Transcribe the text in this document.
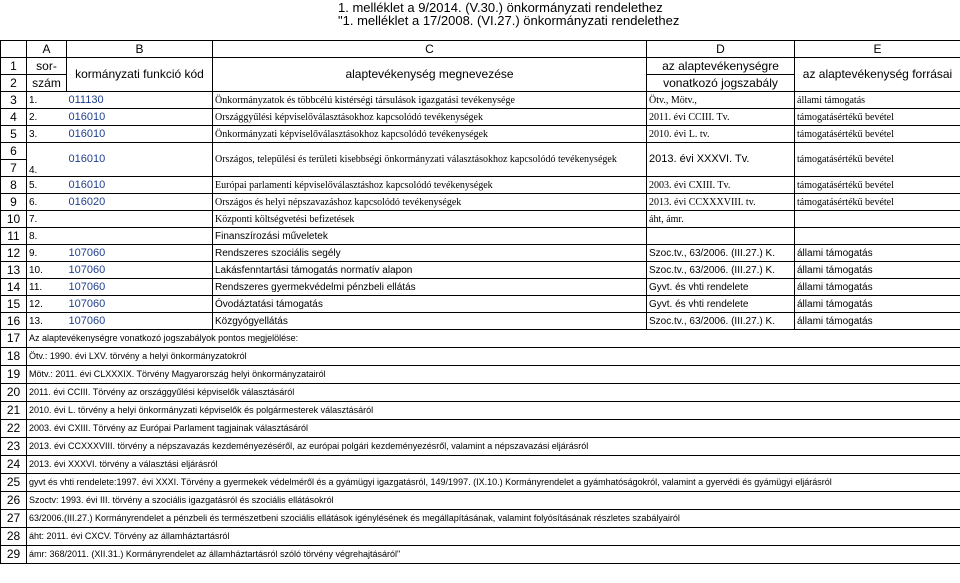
1. melléklet a 9/2014. (V.30.) önkormányzati rendelethez
"1. melléklet a 17/2008. (VI.27.) önkormányzati rendelethez
	A	B	C	D	E
1	sor-	kormányzati funkció kód	alaptevékenység megnevezése	az alaptevékenységre	az alaptevékenység forrásai
2	szám			vonatkozó jogszabály	
3	1.	011130	Önkormányzatok és többcélú kistérségi társulások igazgatási tevékenysége	Ötv., Mötv.,	állami támogatás
4	2.	016010	Országgyűlési képviselőválasztásokhoz kapcsolódó tevékenységek	2011. évi CCIII. Tv.	támogatásértékű bevétel
5	3.	016010	Önkormányzati képviselőválasztásokhoz kapcsolódó tevékenységek	2010. évi L. tv.	támogatásértékű bevétel
6	4.	016010	Országos, települési és területi kisebbségi önkormányzati választásokhoz kapcsolódó tevékenységek	2013. évi XXXVI. Tv.	támogatásértékű bevétel
7					
8	5.	016010	Európai parlamenti képviselőválasztáshoz kapcsolódó tevékenységek	2003. évi CXIII. Tv.	támogatásértékű bevétel
9	6.	016020	Országos és helyi népszavazáshoz kapcsolódó tevékenységek	2013. évi CCXXXVIII. tv.	támogatásértékű bevétel
10	7.		Központi költségvetési befizetések	áht, ámr.	
11	8.		Finanszírozási műveletek		
12	9.	107060	Rendszeres szociális segély	Szoc.tv., 63/2006. (III.27.) K.	állami támogatás
13	10.	107060	Lakásfenntartási támogatás normatív alapon	Szoc.tv., 63/2006. (III.27.) K.	állami támogatás
14	11.	107060	Rendszeres gyermekvédelmi pénzbeli ellátás	Gyvt. és vhti rendelete	állami támogatás
15	12.	107060	Óvodáztatási támogatás	Gyvt. és vhti rendelete	állami támogatás
16	13.	107060	Közgyógyellátás	Szoc.tv., 63/2006. (III.27.) K.	állami támogatás
17	Az alaptevékenységre vonatkozó jogszabályok pontos megjelölése:				
18	Ötv.: 1990. évi LXV. törvény a helyi önkormányzatokról				
19	Mötv.: 2011. évi CLXXXIX. Törvény Magyarország helyi önkormányzatairól				
20	2011. évi CCIII. Törvény az országgyűlési képviselők választásáról				
21	2010. évi L. törvény a helyi önkormányzati képviselők és polgármesterek választásáról				
22	2003. évi CXIII. Törvény az Európai Parlament tagjainak választásáról				
23	2013. évi CCXXXVIII. törvény a népszavazás kezdeményezéséről, az európai polgári kezdeményezésről, valamint a népszavazási eljárásról				
24	2013. évi XXXVI. törvény a választási eljárásról				
25	gyvt és vhti rendelete:1997. évi XXXI. Törvény a gyermekek védelméről és a gyámügyi igazgatásról, 149/1997. (IX.10.) Kormányrendelet a gyámhatóságokról, valamint a gyervédi és gyámügyi eljárásról				
26	Szoctv: 1993. évi III. törvény a szociális igazgatásról és szociális ellátásokról				
27	63/2006.(III.27.) Kormányrendelet a pénzbeli és természetbeni szociális ellátások igénylésének és megállapításának, valamint folyósításának részletes szabályairól				
28	áht: 2011. évi CXCV. Törvény az államháztartásról				
29	ámr: 368/2011. (XII.31.) Kormányrendelet az államháztartásról szóló törvény végrehajtásáról"				
